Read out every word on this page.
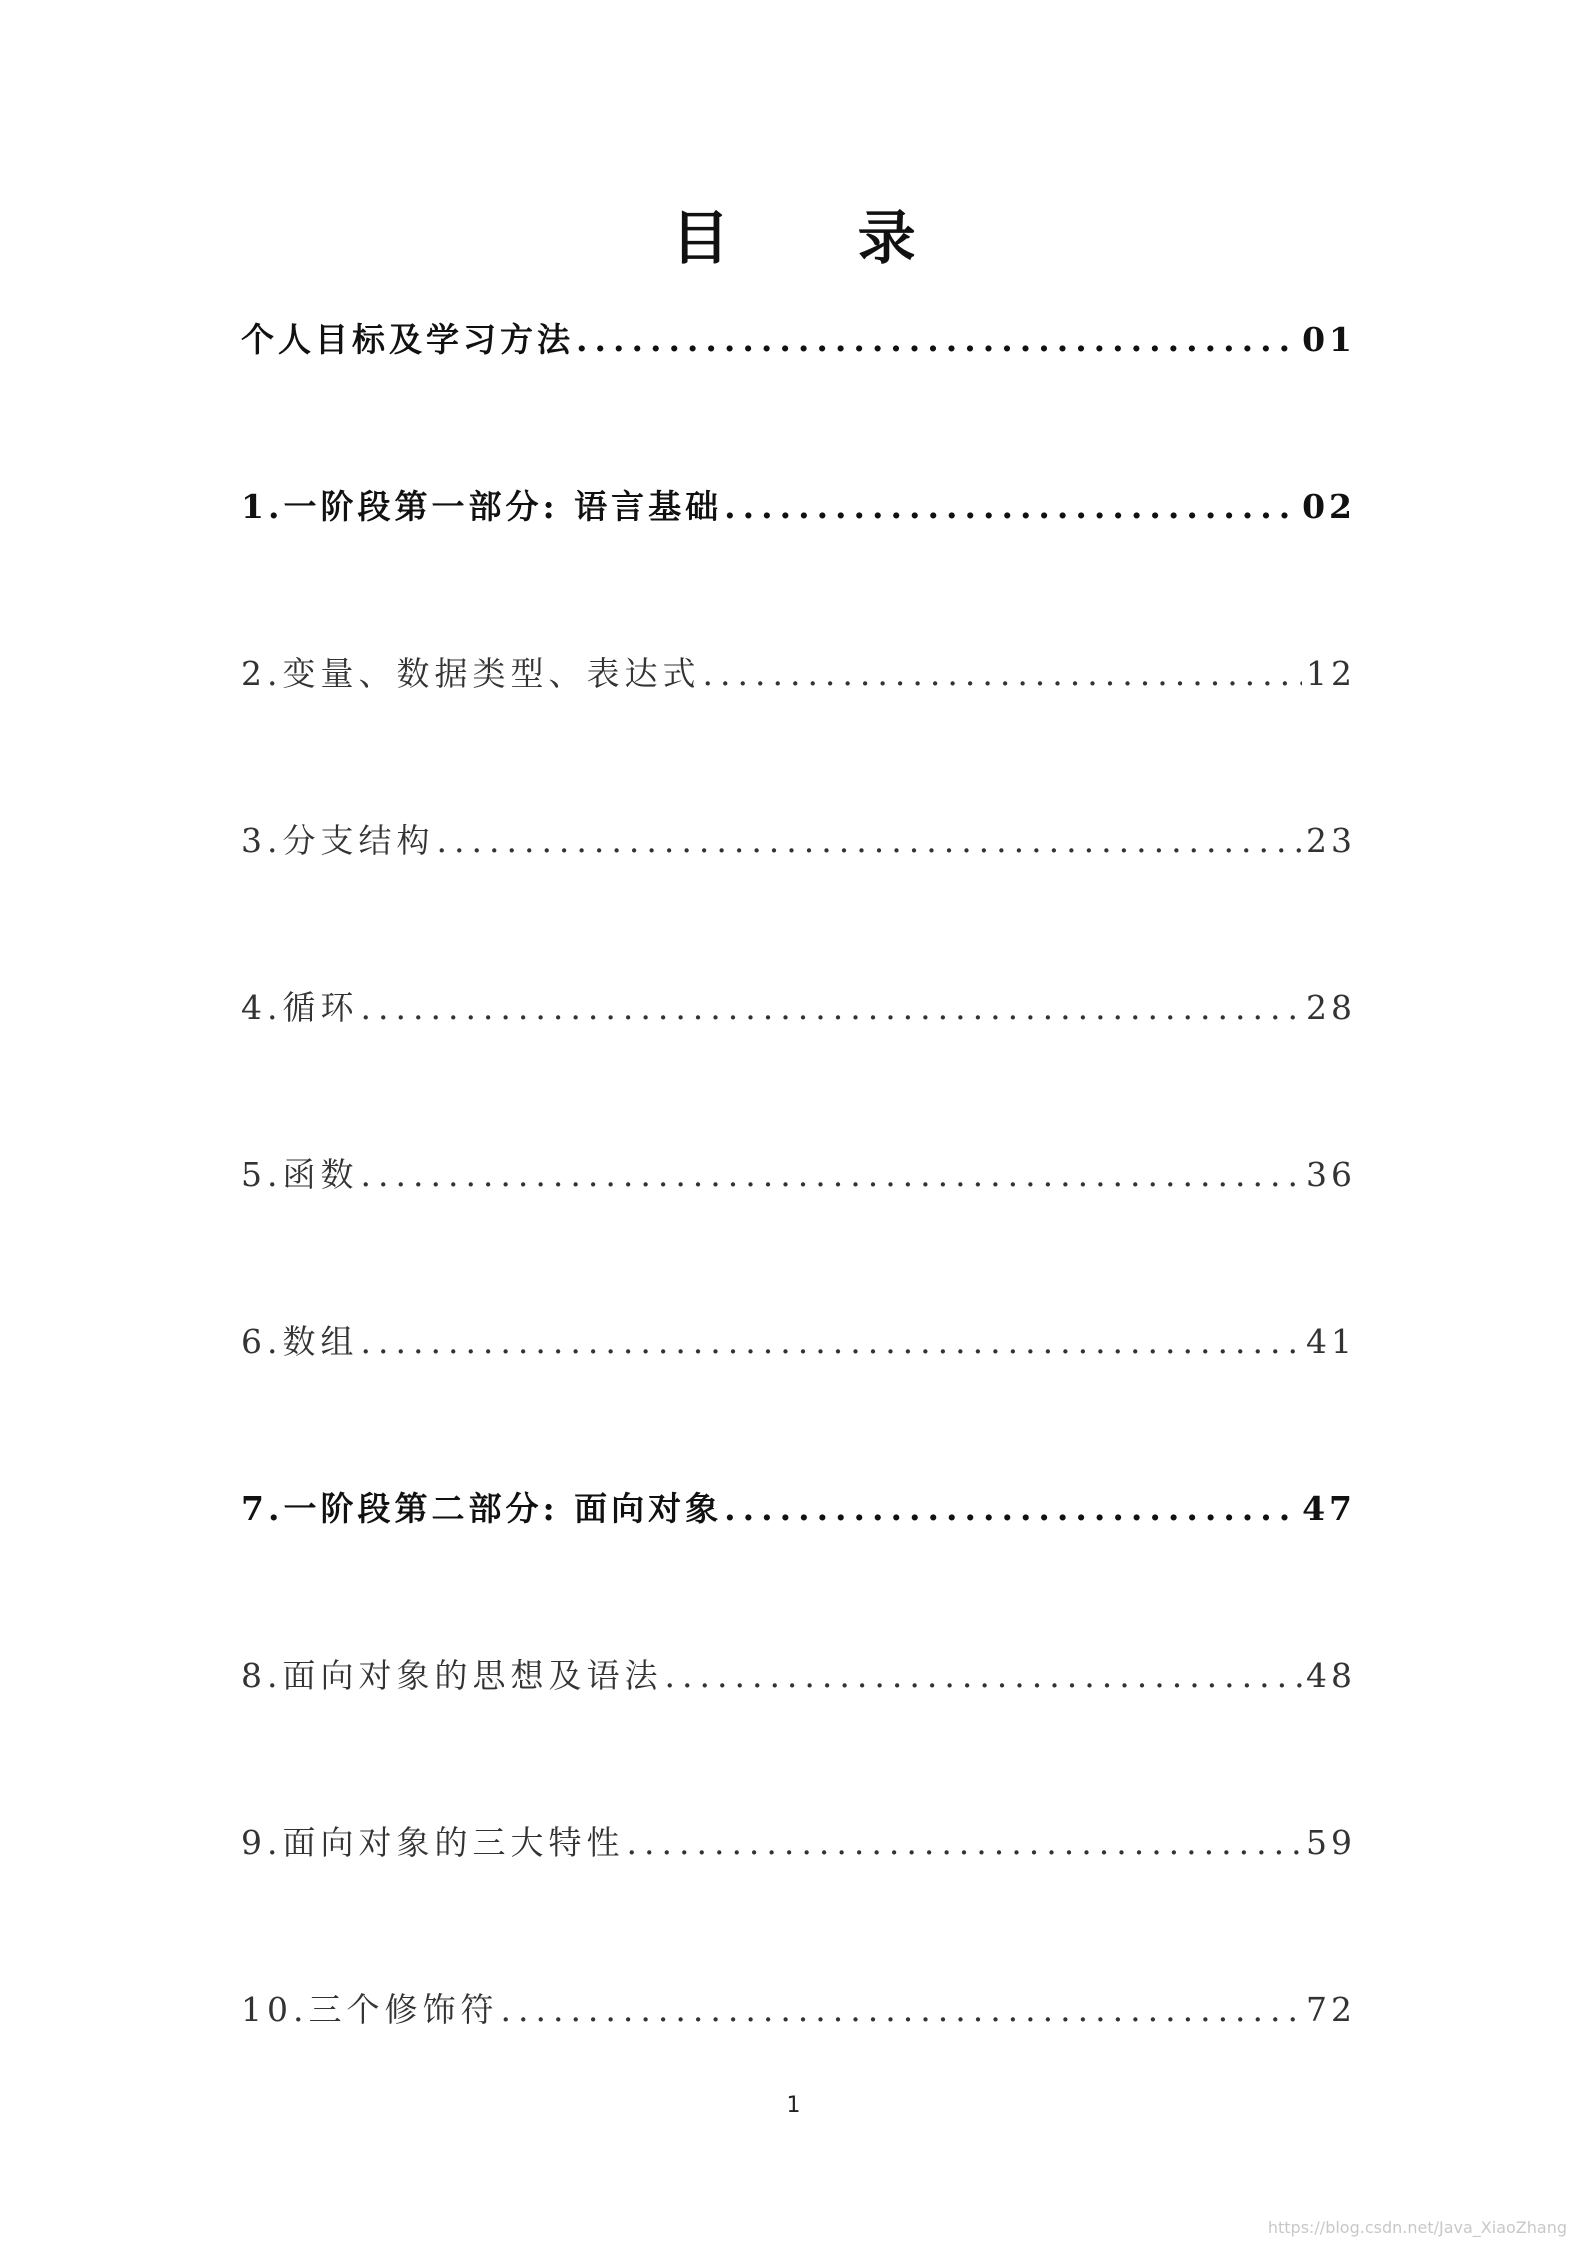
目 录
个人目标及学习方法 .....	01
1.一阶段第一部分: 语言基础 .....	02
2.变量、数据类型、表达式 .....	12
3.分支结构 .....	23
4.循环 .....	28
5.函数 .....	36
6.数组 .....	41
7.一阶段第二部分: 面向对象 .....	47
8.面向对象的思想及语法 .....	48
9.面向对象的三大特性 .....	59
10.三个修饰符 .....	72
1
https://blog.csdn.net/Java_XiaoZhang
